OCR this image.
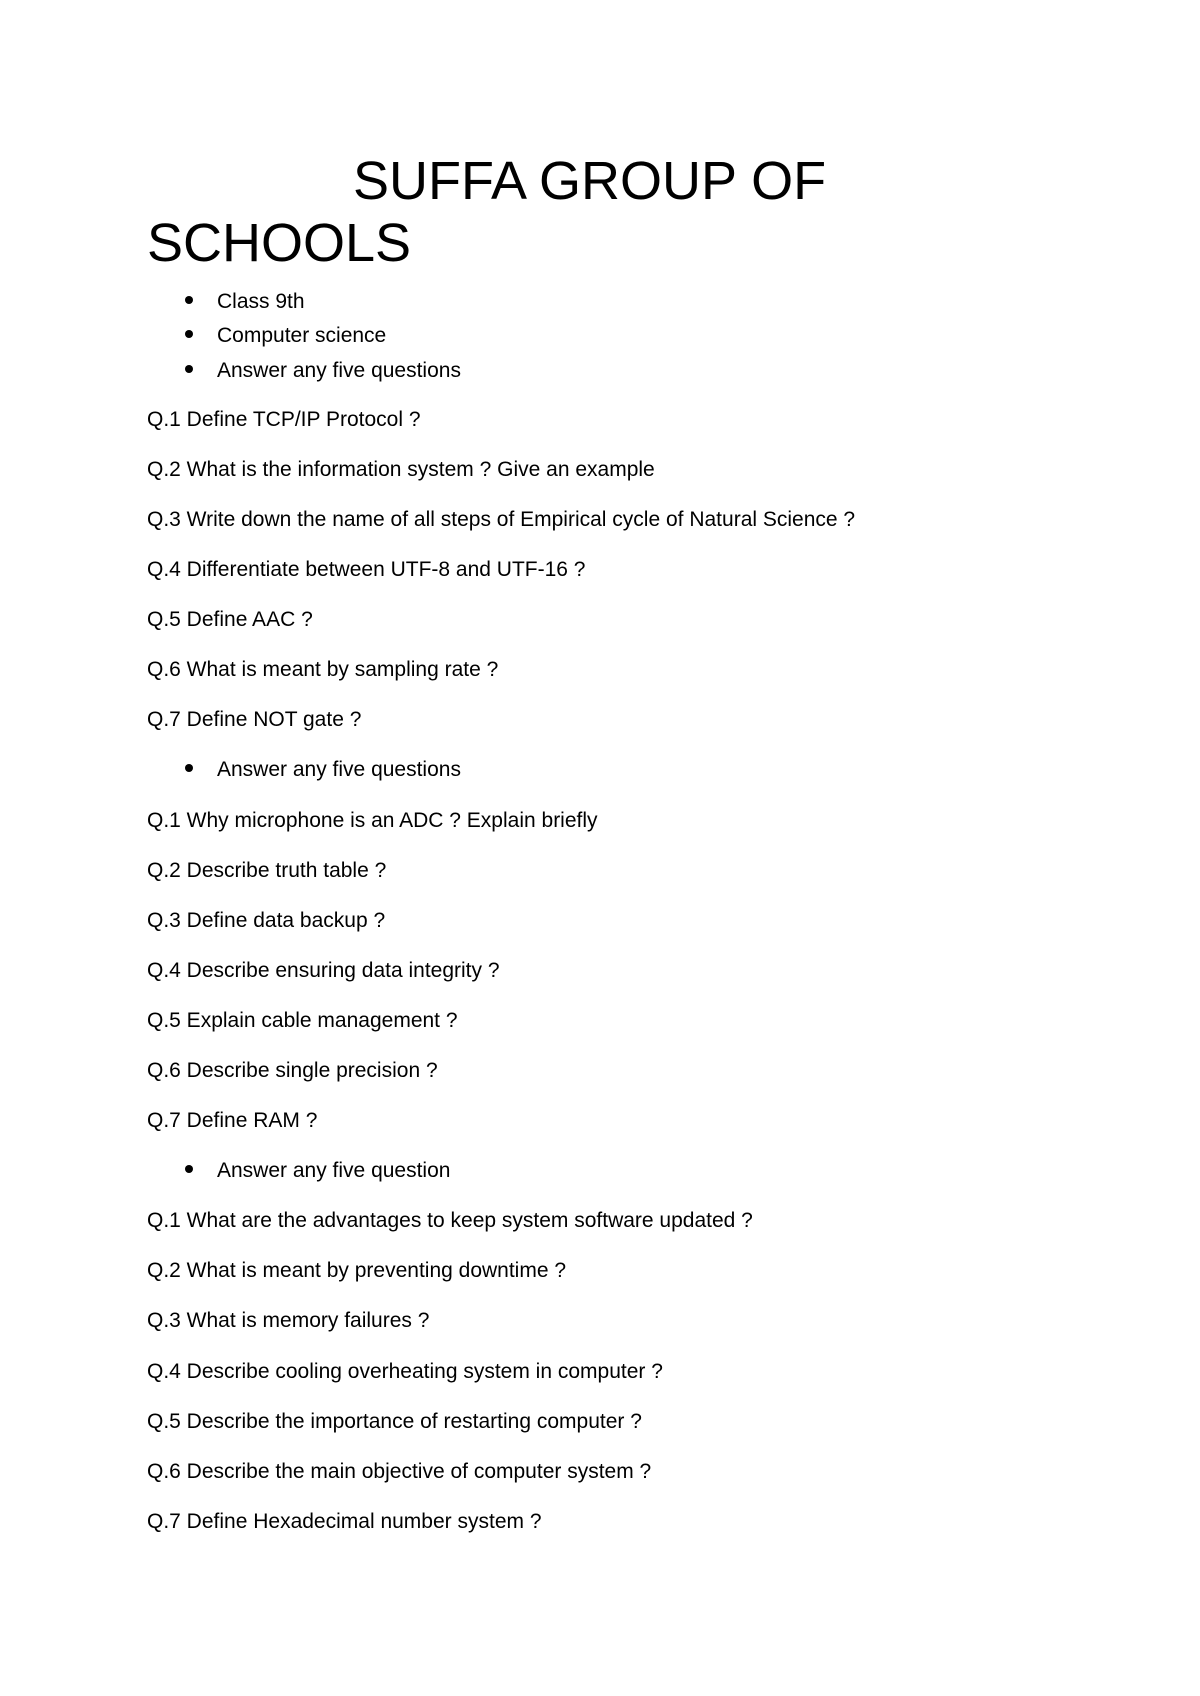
SUFFA GROUP OF SCHOOLS
Class 9th
Computer science
Answer any five questions
Q.1 Define TCP/IP Protocol ?
Q.2 What is the information system ? Give an example
Q.3 Write down the name of all steps of Empirical cycle of Natural Science ?
Q.4 Differentiate between UTF-8 and UTF-16 ?
Q.5 Define AAC ?
Q.6 What is meant by sampling rate ?
Q.7 Define NOT gate ?
Answer any five questions
Q.1 Why microphone is an ADC ? Explain briefly
Q.2 Describe truth table ?
Q.3 Define data backup ?
Q.4 Describe ensuring data integrity ?
Q.5 Explain cable management ?
Q.6 Describe single precision ?
Q.7 Define RAM ?
Answer any five question
Q.1 What are the advantages to keep system software updated ?
Q.2 What is meant by preventing downtime ?
Q.3 What is memory failures ?
Q.4 Describe cooling overheating system in computer ?
Q.5 Describe the importance of restarting computer ?
Q.6 Describe the main objective of computer system ?
Q.7 Define Hexadecimal number system ?
